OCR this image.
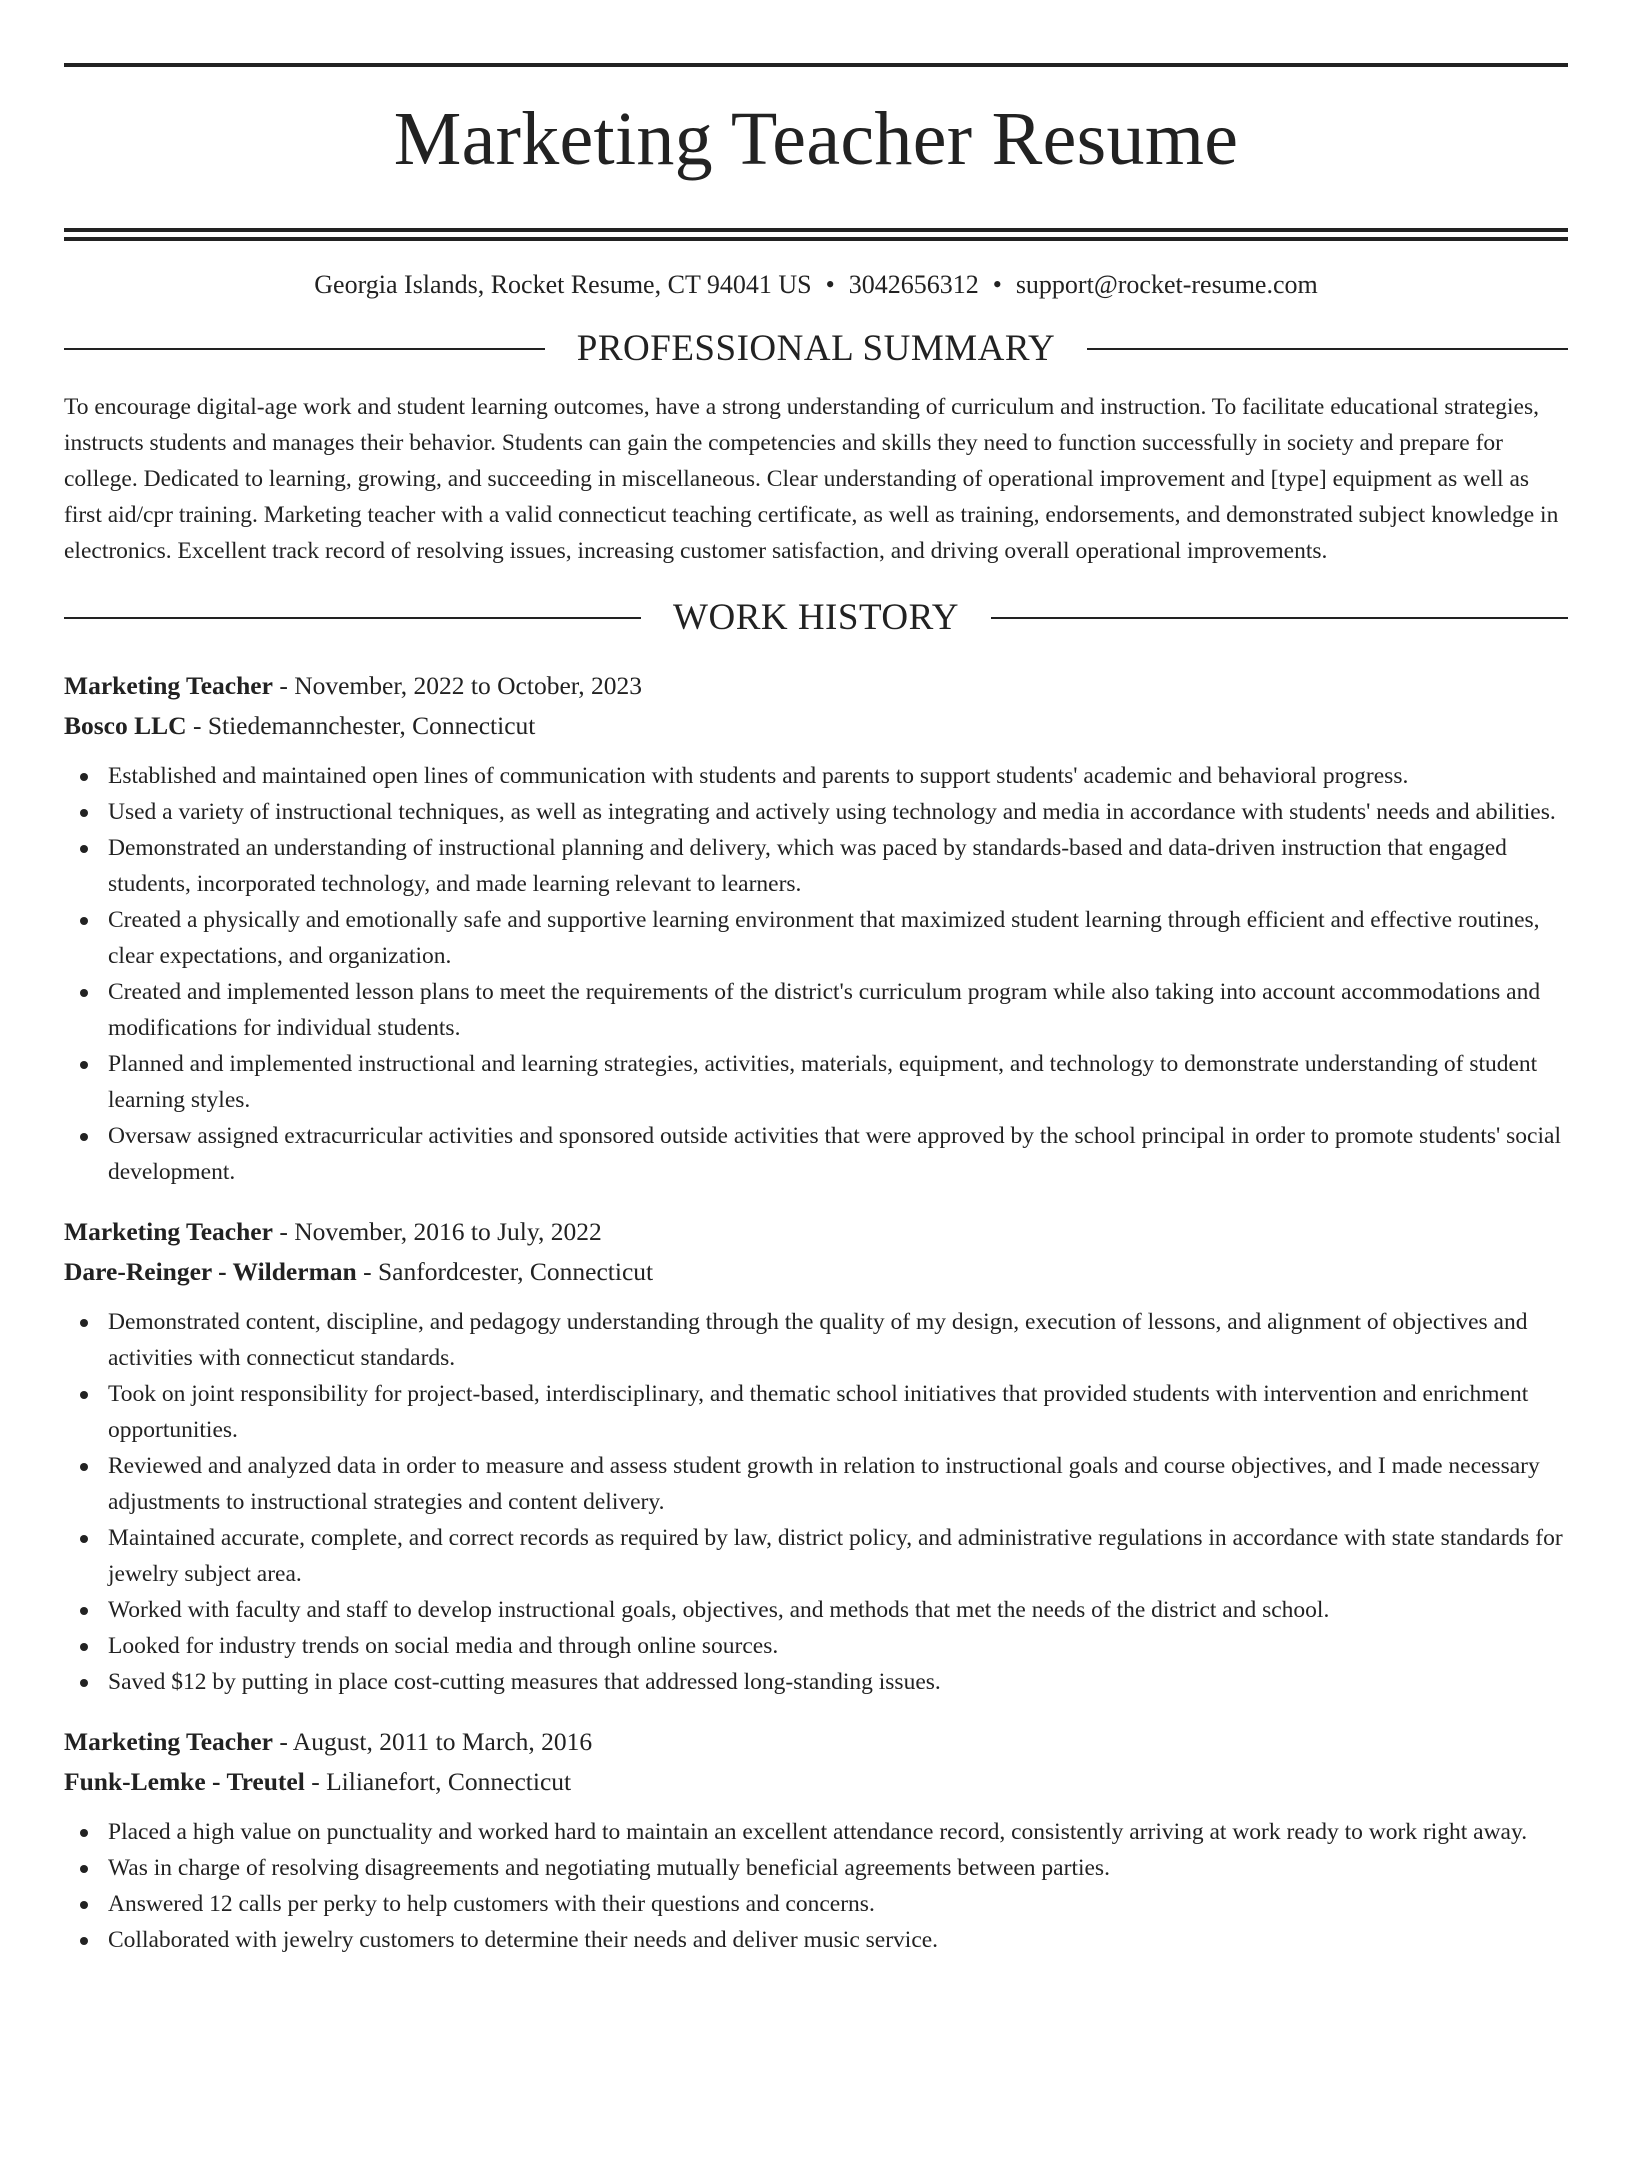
Marketing Teacher Resume
Georgia Islands, Rocket Resume, CT 94041 US • 3042656312 • support@rocket-resume.com
PROFESSIONAL SUMMARY
To encourage digital-age work and student learning outcomes, have a strong understanding of curriculum and instruction. To facilitate educational strategies, instructs students and manages their behavior. Students can gain the competencies and skills they need to function successfully in society and prepare for college. Dedicated to learning, growing, and succeeding in miscellaneous. Clear understanding of operational improvement and [type] equipment as well as first aid/cpr training. Marketing teacher with a valid connecticut teaching certificate, as well as training, endorsements, and demonstrated subject knowledge in electronics. Excellent track record of resolving issues, increasing customer satisfaction, and driving overall operational improvements.
WORK HISTORY
Marketing Teacher - November, 2022 to October, 2023
Bosco LLC - Stiedemannchester, Connecticut
Established and maintained open lines of communication with students and parents to support students' academic and behavioral progress.
Used a variety of instructional techniques, as well as integrating and actively using technology and media in accordance with students' needs and abilities.
Demonstrated an understanding of instructional planning and delivery, which was paced by standards-based and data-driven instruction that engaged students, incorporated technology, and made learning relevant to learners.
Created a physically and emotionally safe and supportive learning environment that maximized student learning through efficient and effective routines, clear expectations, and organization.
Created and implemented lesson plans to meet the requirements of the district's curriculum program while also taking into account accommodations and modifications for individual students.
Planned and implemented instructional and learning strategies, activities, materials, equipment, and technology to demonstrate understanding of student learning styles.
Oversaw assigned extracurricular activities and sponsored outside activities that were approved by the school principal in order to promote students' social development.
Marketing Teacher - November, 2016 to July, 2022
Dare-Reinger - Wilderman - Sanfordcester, Connecticut
Demonstrated content, discipline, and pedagogy understanding through the quality of my design, execution of lessons, and alignment of objectives and activities with connecticut standards.
Took on joint responsibility for project-based, interdisciplinary, and thematic school initiatives that provided students with intervention and enrichment opportunities.
Reviewed and analyzed data in order to measure and assess student growth in relation to instructional goals and course objectives, and I made necessary adjustments to instructional strategies and content delivery.
Maintained accurate, complete, and correct records as required by law, district policy, and administrative regulations in accordance with state standards for jewelry subject area.
Worked with faculty and staff to develop instructional goals, objectives, and methods that met the needs of the district and school.
Looked for industry trends on social media and through online sources.
Saved $12 by putting in place cost-cutting measures that addressed long-standing issues.
Marketing Teacher - August, 2011 to March, 2016
Funk-Lemke - Treutel - Lilianefort, Connecticut
Placed a high value on punctuality and worked hard to maintain an excellent attendance record, consistently arriving at work ready to work right away.
Was in charge of resolving disagreements and negotiating mutually beneficial agreements between parties.
Answered 12 calls per perky to help customers with their questions and concerns.
Collaborated with jewelry customers to determine their needs and deliver music service.
